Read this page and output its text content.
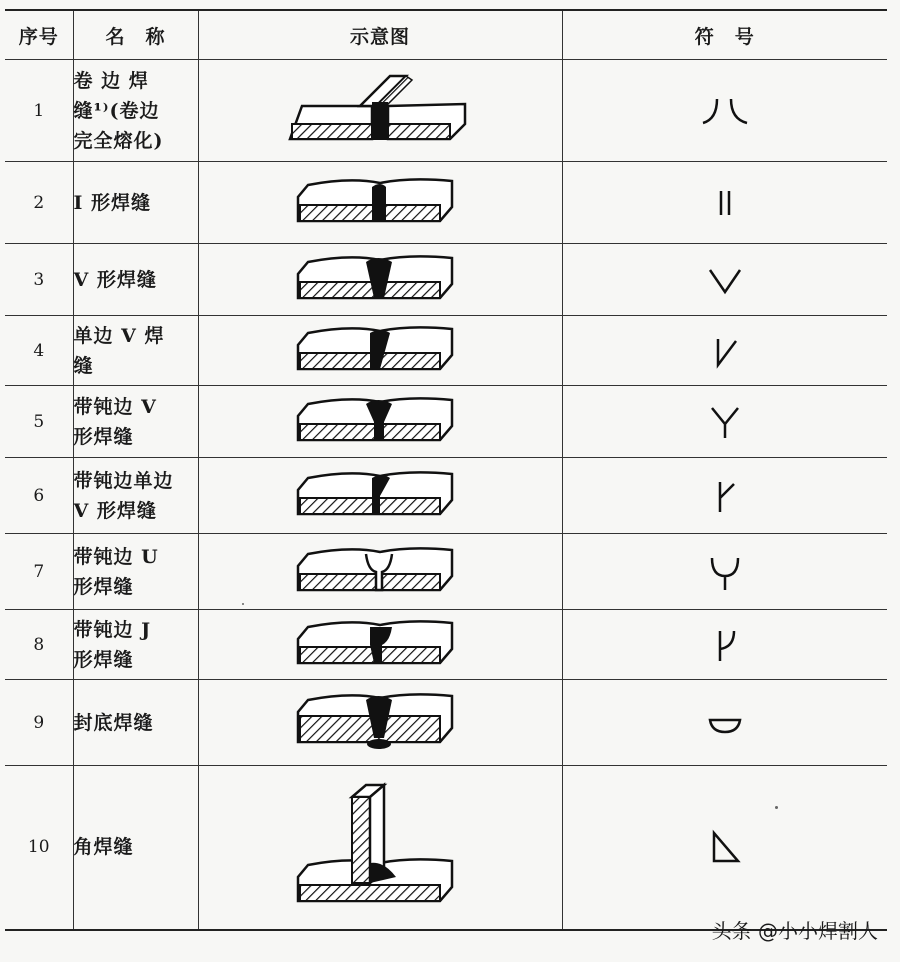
序号	名　称	示意图	符　号
1	卷 边 焊
缝¹⁾(卷边
完全熔化)	

2	I 形焊缝	

3	V 形焊缝	

4	单边 V 焊
缝	

5	带钝边 V
形焊缝	

6	带钝边单边
V 形焊缝	

7	带钝边 U
形焊缝	

8	带钝边 J
形焊缝	

9	封底焊缝	

10	角焊缝	

头条 @小小焊割人
